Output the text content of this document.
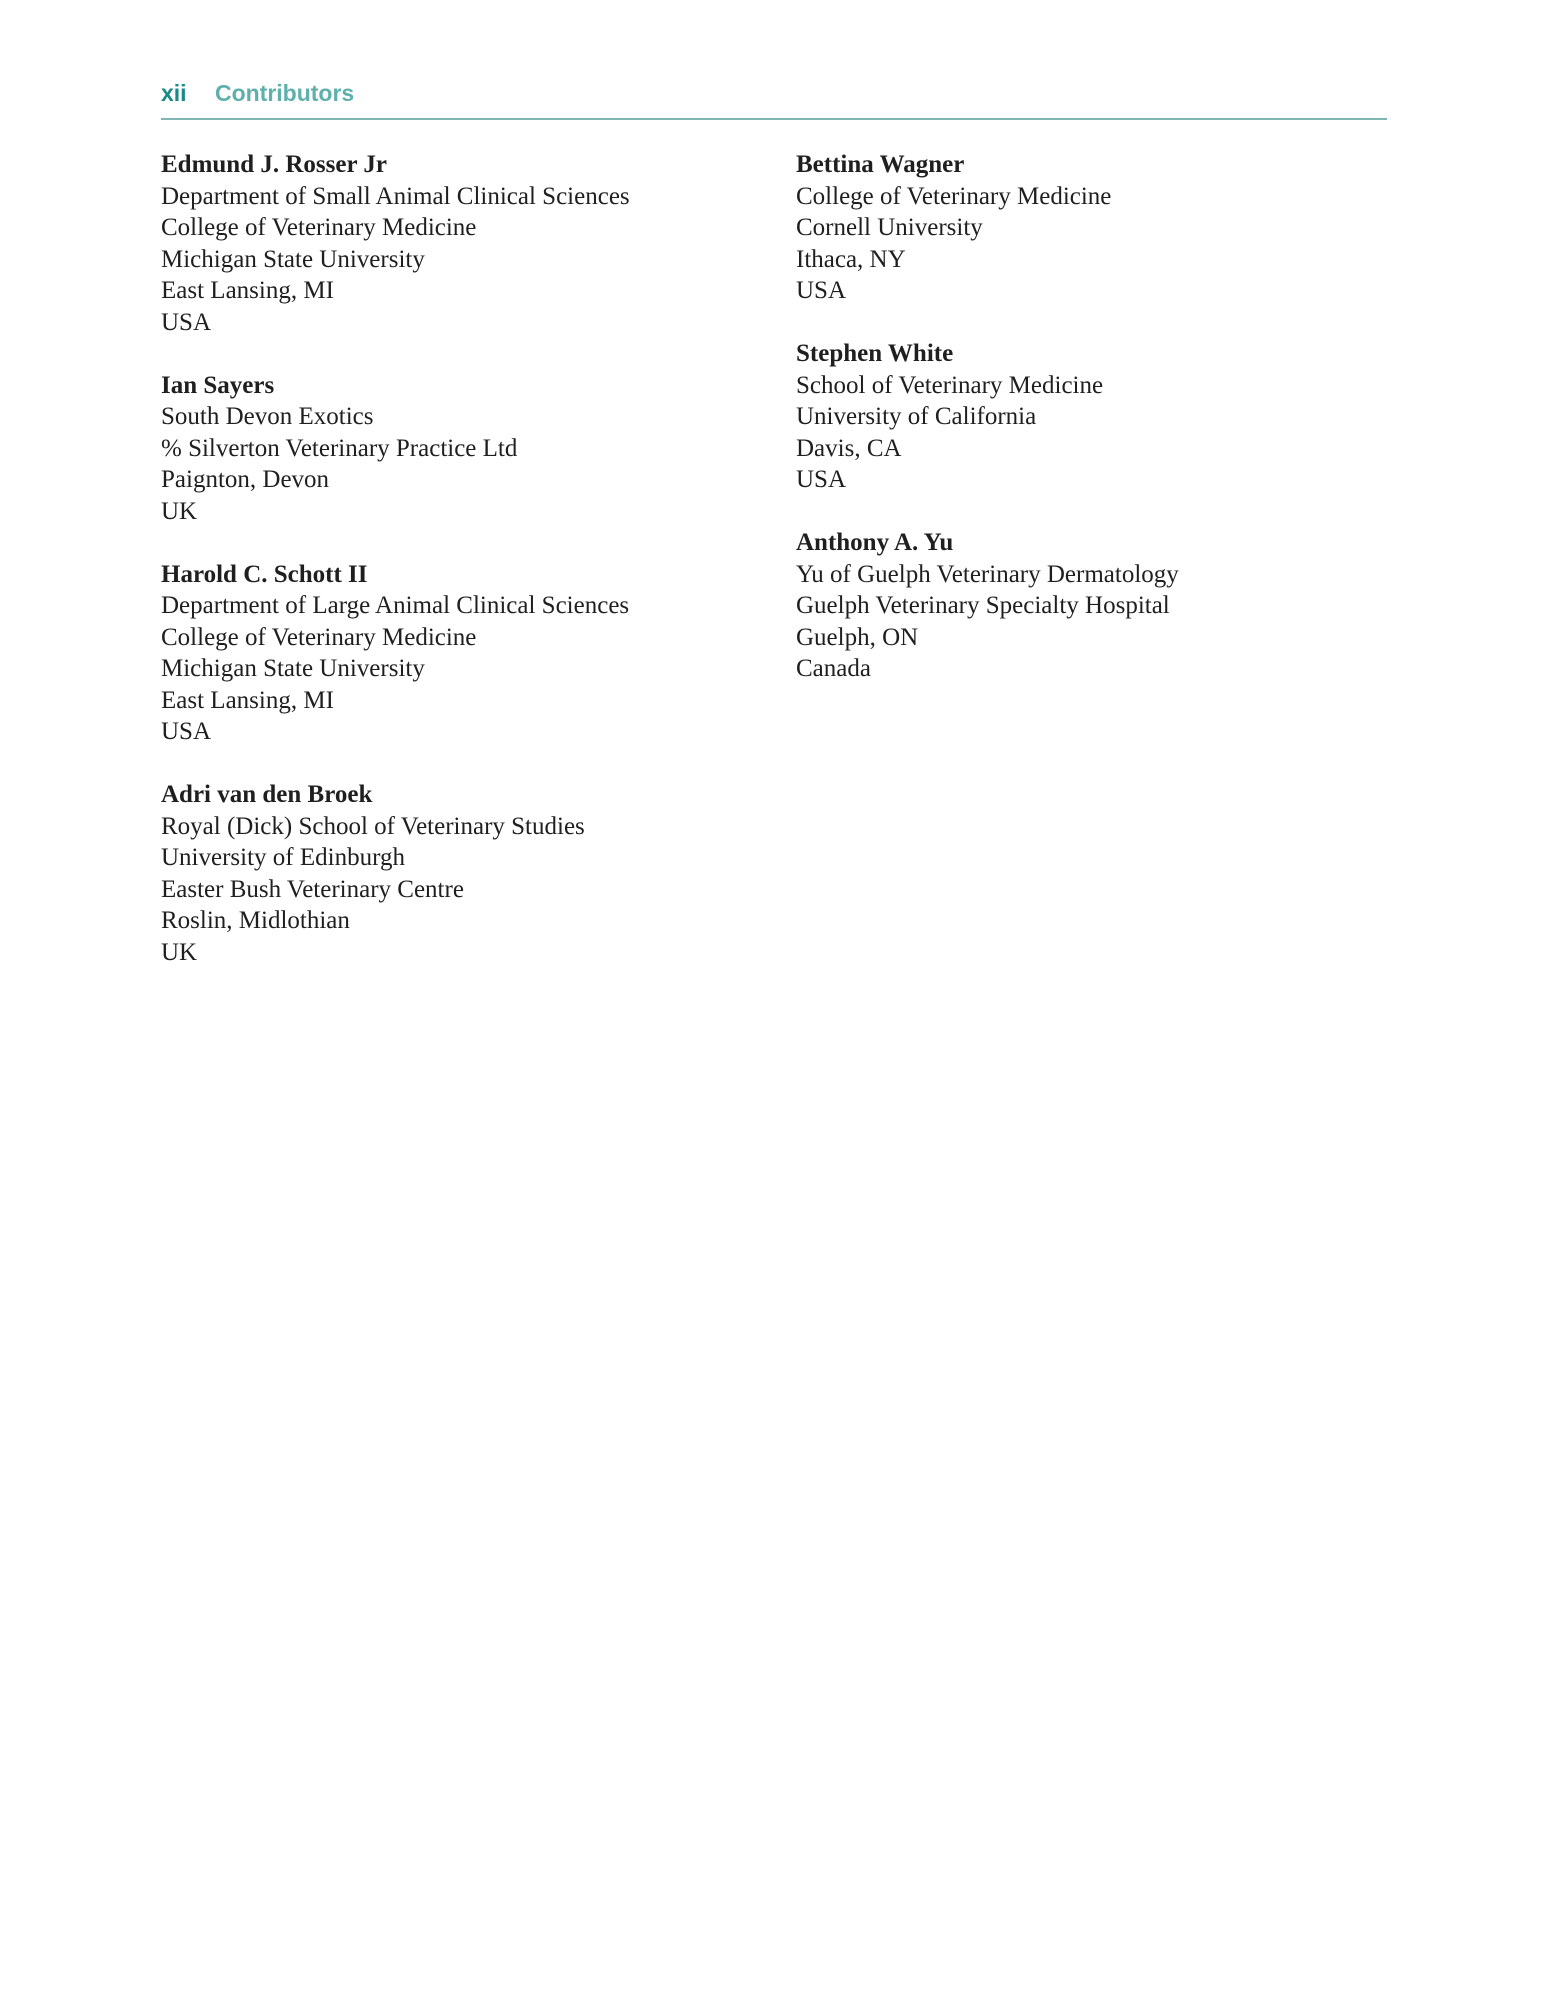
xii Contributors
Edmund J. Rosser Jr
Department of Small Animal Clinical Sciences
College of Veterinary Medicine
Michigan State University
East Lansing, MI
USA
Ian Sayers
South Devon Exotics
% Silverton Veterinary Practice Ltd
Paignton, Devon
UK
Harold C. Schott II
Department of Large Animal Clinical Sciences
College of Veterinary Medicine
Michigan State University
East Lansing, MI
USA
Adri van den Broek
Royal (Dick) School of Veterinary Studies
University of Edinburgh
Easter Bush Veterinary Centre
Roslin, Midlothian
UK
Bettina Wagner
College of Veterinary Medicine
Cornell University
Ithaca, NY
USA
Stephen White
School of Veterinary Medicine
University of California
Davis, CA
USA
Anthony A. Yu
Yu of Guelph Veterinary Dermatology
Guelph Veterinary Specialty Hospital
Guelph, ON
Canada
